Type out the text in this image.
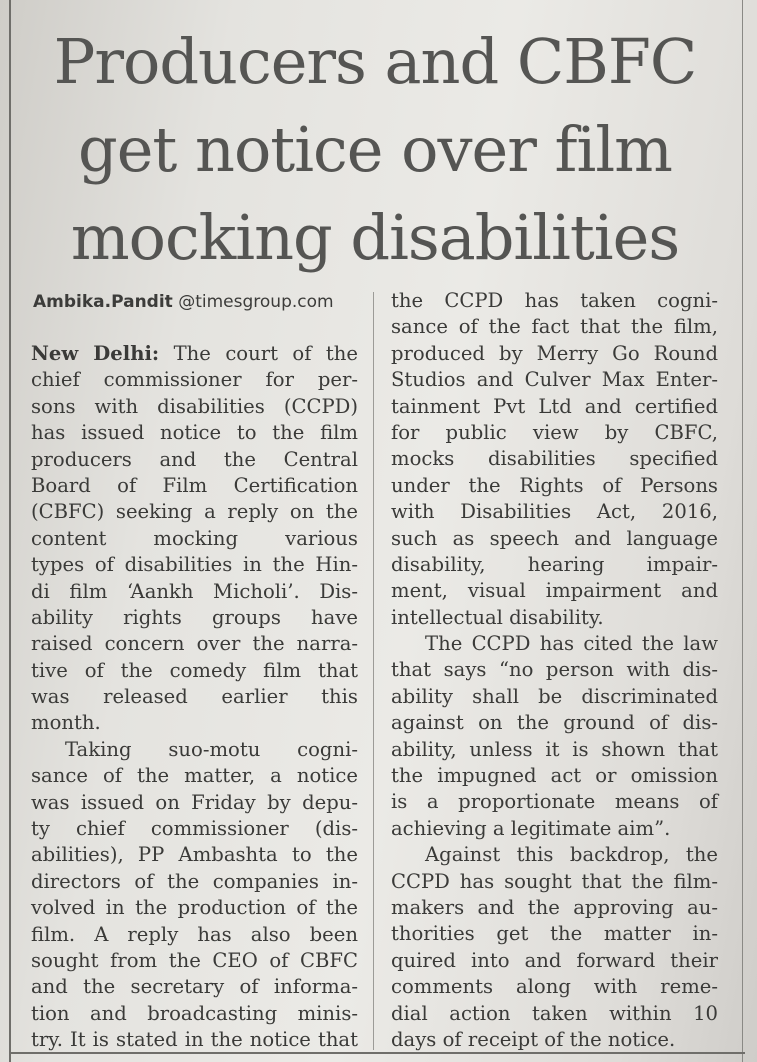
Producers and CBFC
get notice over film
mocking disabilities
Ambika.Pandit @timesgroup.com
New Delhi: The court of the
chief commissioner for per-
sons with disabilities (CCPD)
has issued notice to the film
producers and the Central
Board of Film Certification
(CBFC) seeking a reply on the
content mocking various
types of disabilities in the Hin-
di film ‘Aankh Micholi’. Dis-
ability rights groups have
raised concern over the narra-
tive of the comedy film that
was released earlier this
month.
Taking suo-motu cogni-
sance of the matter, a notice
was issued on Friday by depu-
ty chief commissioner (dis-
abilities), PP Ambashta to the
directors of the companies in-
volved in the production of the
film. A reply has also been
sought from the CEO of CBFC
and the secretary of informa-
tion and broadcasting minis-
try. It is stated in the notice that
the CCPD has taken cogni-
sance of the fact that the film,
produced by Merry Go Round
Studios and Culver Max Enter-
tainment Pvt Ltd and certified
for public view by CBFC,
mocks disabilities specified
under the Rights of Persons
with Disabilities Act, 2016,
such as speech and language
disability, hearing impair-
ment, visual impairment and
intellectual disability.
The CCPD has cited the law
that says “no person with dis-
ability shall be discriminated
against on the ground of dis-
ability, unless it is shown that
the impugned act or omission
is a proportionate means of
achieving a legitimate aim”.
Against this backdrop, the
CCPD has sought that the film-
makers and the approving au-
thorities get the matter in-
quired into and forward their
comments along with reme-
dial action taken within 10
days of receipt of the notice.
